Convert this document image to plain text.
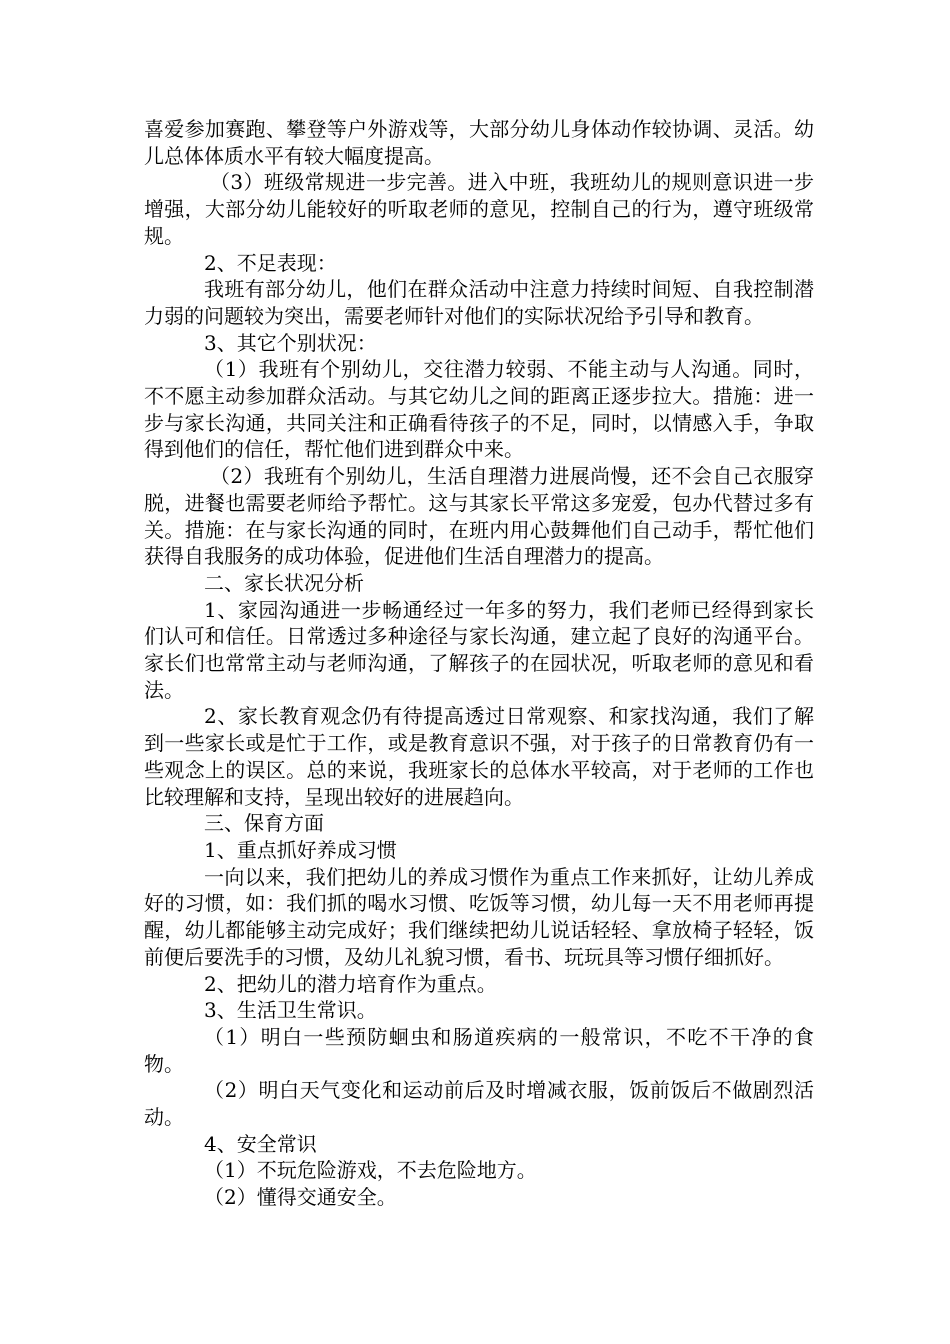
喜爱参加赛跑、攀登等户外游戏等，大部分幼儿身体动作较协调、灵活。幼儿总体体质水平有较大幅度提高。

（3）班级常规进一步完善。进入中班，我班幼儿的规则意识进一步增强，大部分幼儿能较好的听取老师的意见，控制自己的行为，遵守班级常规。

2、不足表现：

我班有部分幼儿，他们在群众活动中注意力持续时间短、自我控制潜力弱的问题较为突出，需要老师针对他们的实际状况给予引导和教育。

3、其它个别状况：

（1）我班有个别幼儿，交往潜力较弱、不能主动与人沟通。同时，不不愿主动参加群众活动。与其它幼儿之间的距离正逐步拉大。措施：进一步与家长沟通，共同关注和正确看待孩子的不足，同时，以情感入手，争取得到他们的信任，帮忙他们进到群众中来。

（2）我班有个别幼儿，生活自理潜力进展尚慢，还不会自己衣服穿脱，进餐也需要老师给予帮忙。这与其家长平常这多宠爱，包办代替过多有关。措施：在与家长沟通的同时，在班内用心鼓舞他们自己动手，帮忙他们获得自我服务的成功体验，促进他们生活自理潜力的提高。

二、家长状况分析

1、家园沟通进一步畅通经过一年多的努力，我们老师已经得到家长们认可和信任。日常透过多种途径与家长沟通，建立起了良好的沟通平台。家长们也常常主动与老师沟通，了解孩子的在园状况，听取老师的意见和看法。

2、家长教育观念仍有待提高透过日常观察、和家找沟通，我们了解到一些家长或是忙于工作，或是教育意识不强，对于孩子的日常教育仍有一些观念上的误区。总的来说，我班家长的总体水平较高，对于老师的工作也比较理解和支持，呈现出较好的进展趋向。

三、保育方面

1、重点抓好养成习惯

一向以来，我们把幼儿的养成习惯作为重点工作来抓好，让幼儿养成好的习惯，如：我们抓的喝水习惯、吃饭等习惯，幼儿每一天不用老师再提醒，幼儿都能够主动完成好；我们继续把幼儿说话轻轻、拿放椅子轻轻，饭前便后要洗手的习惯，及幼儿礼貌习惯，看书、玩玩具等习惯仔细抓好。

2、把幼儿的潜力培育作为重点。

3、生活卫生常识。

（1）明白一些预防蛔虫和肠道疾病的一般常识，不吃不干净的食物。

（2）明白天气变化和运动前后及时增减衣服，饭前饭后不做剧烈活动。

4、安全常识

（1）不玩危险游戏，不去危险地方。

（2）懂得交通安全。
